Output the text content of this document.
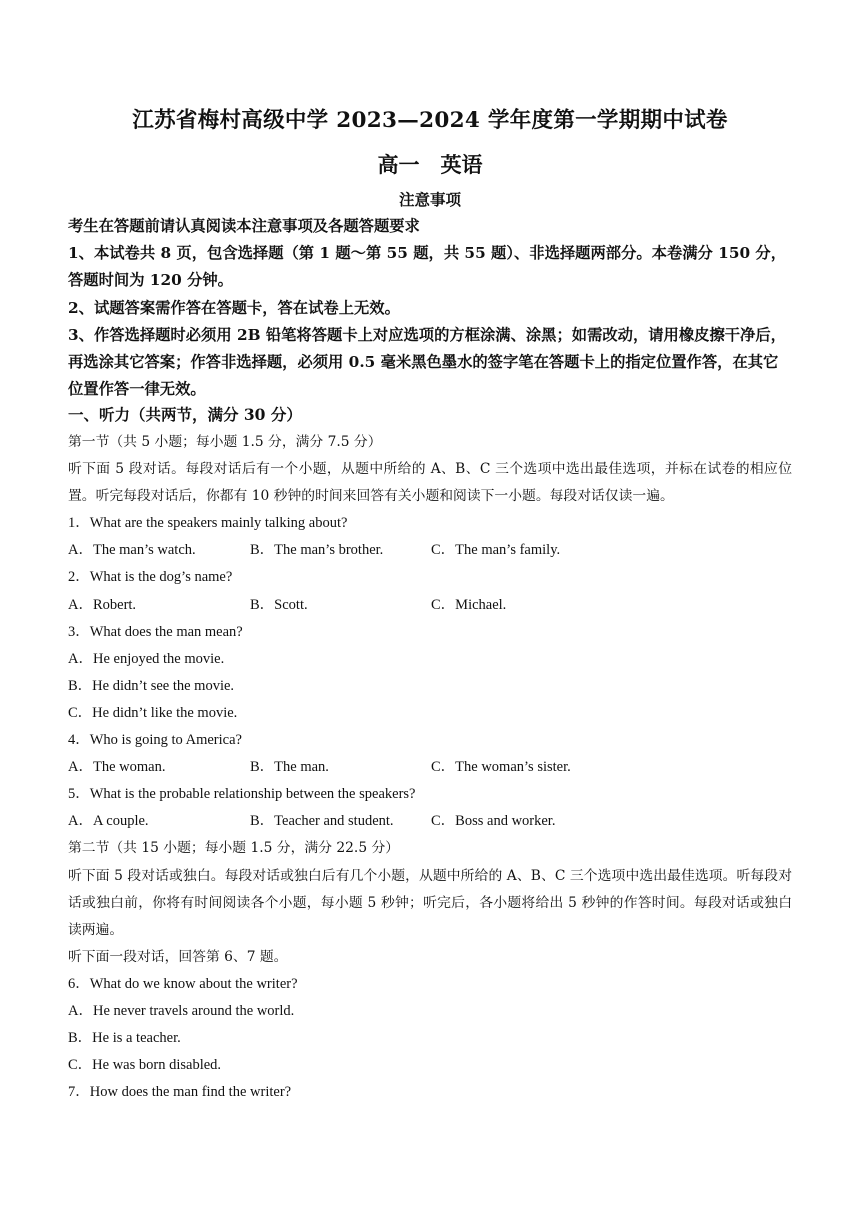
江苏省梅村高级中学 2023—2024 学年度第一学期期中试卷
高一　英语
注意事项

考生在答题前请认真阅读本注意事项及各题答题要求

1、本试卷共 8 页，包含选择题（第 1 题～第 55 题，共 55 题）、非选择题两部分。本卷满分 150 分，答题时间为 120 分钟。

2、试题答案需作答在答题卡，答在试卷上无效。

3、作答选择题时必须用 2B 铅笔将答题卡上对应选项的方框涂满、涂黑；如需改动，请用橡皮擦干净后，再选涂其它答案；作答非选择题，必须用 0.5 毫米黑色墨水的签字笔在答题卡上的指定位置作答，在其它位置作答一律无效。

一、听力（共两节，满分 30 分）

第一节（共 5 小题；每小题 1.5 分，满分 7.5 分）

听下面 5 段对话。每段对话后有一个小题，从题中所给的 A、B、C 三个选项中选出最佳选项，并标在试卷的相应位置。听完每段对话后，你都有 10 秒钟的时间来回答有关小题和阅读下一小题。每段对话仅读一遍。

1．What are the speakers mainly talking about?

A．The man’s watch.	B．The man’s brother.	C．The man’s family.

2．What is the dog’s name?

A．Robert.	B．Scott.	C．Michael.

3．What does the man mean?

A．He enjoyed the movie.

B．He didn’t see the movie.

C．He didn’t like the movie.

4．Who is going to America?

A．The woman.	B．The man.	C．The woman’s sister.

5．What is the probable relationship between the speakers?

A．A couple.	B．Teacher and student.	C．Boss and worker.

第二节（共 15 小题；每小题 1.5 分，满分 22.5 分）

听下面 5 段对话或独白。每段对话或独白后有几个小题，从题中所给的 A、B、C 三个选项中选出最佳选项。听每段对话或独白前，你将有时间阅读各个小题，每小题 5 秒钟；听完后，各小题将给出 5 秒钟的作答时间。每段对话或独白读两遍。

听下面一段对话，回答第 6、7 题。

6．What do we know about the writer?

A．He never travels around the world.

B．He is a teacher.

C．He was born disabled.

7．How does the man find the writer?
